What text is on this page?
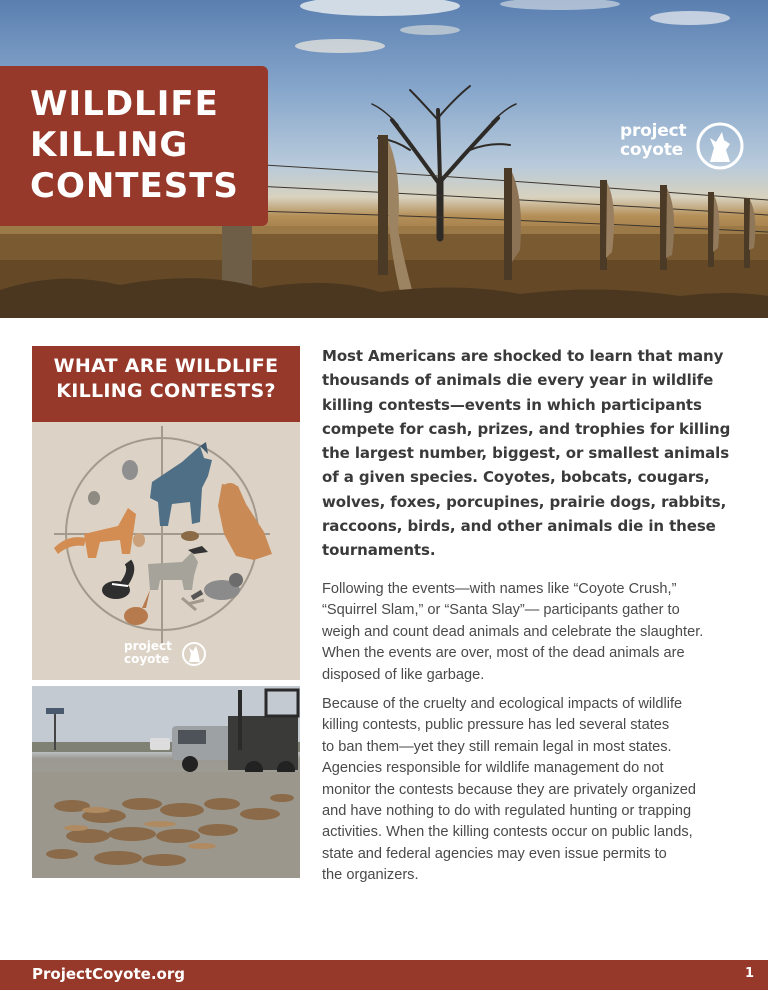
WILDLIFE
KILLING
CONTESTS
project
coyote
WHAT ARE WILDLIFE
KILLING CONTESTS?
project
coyote
Most Americans are shocked to learn that many
thousands of animals die every year in wildlife
killing contests—events in which participants
compete for cash, prizes, and trophies for killing
the largest number, biggest, or smallest animals
of a given species. Coyotes, bobcats, cougars,
wolves, foxes, porcupines, prairie dogs, rabbits,
raccoons, birds, and other animals die in these
tournaments.
Following the events—with names like “Coyote Crush,”
“Squirrel Slam,” or “Santa Slay”— participants gather to
weigh and count dead animals and celebrate the slaughter.
When the events are over, most of the dead animals are
disposed of like garbage.
Because of the cruelty and ecological impacts of wildlife
killing contests, public pressure has led several states
to ban them—yet they still remain legal in most states.
Agencies responsible for wildlife management do not
monitor the contests because they are privately organized
and have nothing to do with regulated hunting or trapping
activities. When the killing contests occur on public lands,
state and federal agencies may even issue permits to
the organizers.
ProjectCoyote.org	1
